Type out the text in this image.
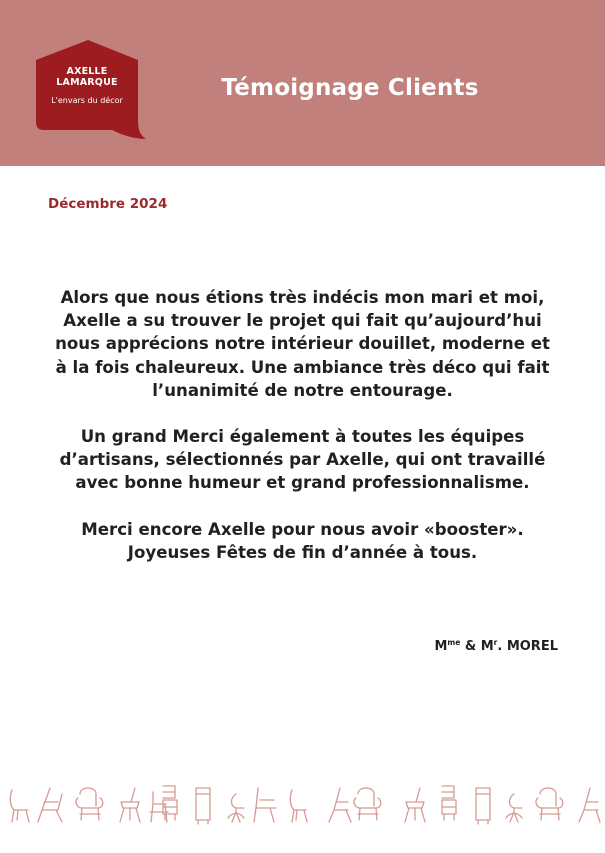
AXELLE
LAMARQUE
L'envars du décor	Témoignage Clients
Décembre 2024

Alors que nous étions très indécis mon mari et moi,
Axelle a su trouver le projet qui fait qu’aujourd’hui
nous apprécions notre intérieur douillet, moderne et
à la fois chaleureux. Une ambiance très déco qui fait
l’unanimité de notre entourage.

Un grand Merci également à toutes les équipes
d’artisans, sélectionnés par Axelle, qui ont travaillé
avec bonne humeur et grand professionnalisme.

Merci encore Axelle pour nous avoir «booster».
Joyeuses Fêtes de fin d’année à tous.

$M^{me}$ & $M^r$. MOREL
